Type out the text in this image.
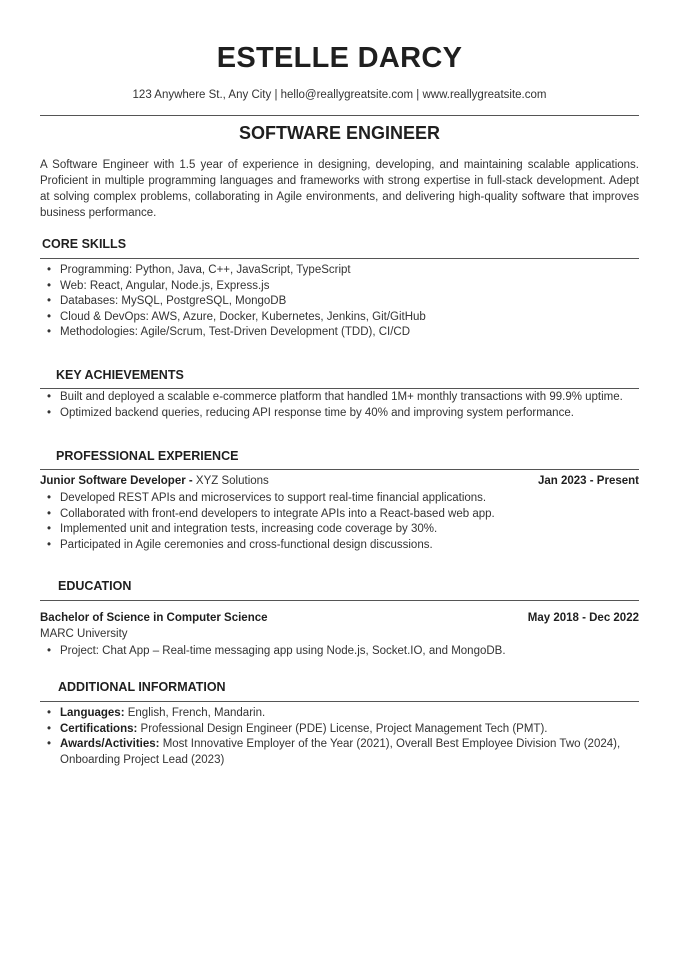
ESTELLE DARCY
123 Anywhere St., Any City | hello@reallygreatsite.com | www.reallygreatsite.com
SOFTWARE ENGINEER

A Software Engineer with 1.5 year of experience in designing, developing, and maintaining scalable applications. Proficient in multiple programming languages and frameworks with strong expertise in full-stack development. Adept at solving complex problems, collaborating in Agile environments, and delivering high-quality software that improves business performance.

CORE SKILLS
• Programming: Python, Java, C++, JavaScript, TypeScript
• Web: React, Angular, Node.js, Express.js
• Databases: MySQL, PostgreSQL, MongoDB
• Cloud & DevOps: AWS, Azure, Docker, Kubernetes, Jenkins, Git/GitHub
• Methodologies: Agile/Scrum, Test-Driven Development (TDD), CI/CD
KEY ACHIEVEMENTS
• Built and deployed a scalable e-commerce platform that handled 1M+ monthly transactions with 99.9% uptime.
• Optimized backend queries, reducing API response time by 40% and improving system performance.
PROFESSIONAL EXPERIENCE
Junior Software Developer - XYZ Solutions	Jan 2023 - Present
• Developed REST APIs and microservices to support real-time financial applications.
• Collaborated with front-end developers to integrate APIs into a React-based web app.
• Implemented unit and integration tests, increasing code coverage by 30%.
• Participated in Agile ceremonies and cross-functional design discussions.
EDUCATION
Bachelor of Science in Computer Science	May 2018 - Dec 2022
MARC University
• Project: Chat App – Real-time messaging app using Node.js, Socket.IO, and MongoDB.
ADDITIONAL INFORMATION
• Languages: English, French, Mandarin.
• Certifications: Professional Design Engineer (PDE) License, Project Management Tech (PMT).
• Awards/Activities: Most Innovative Employer of the Year (2021), Overall Best Employee Division Two (2024), Onboarding Project Lead (2023)
